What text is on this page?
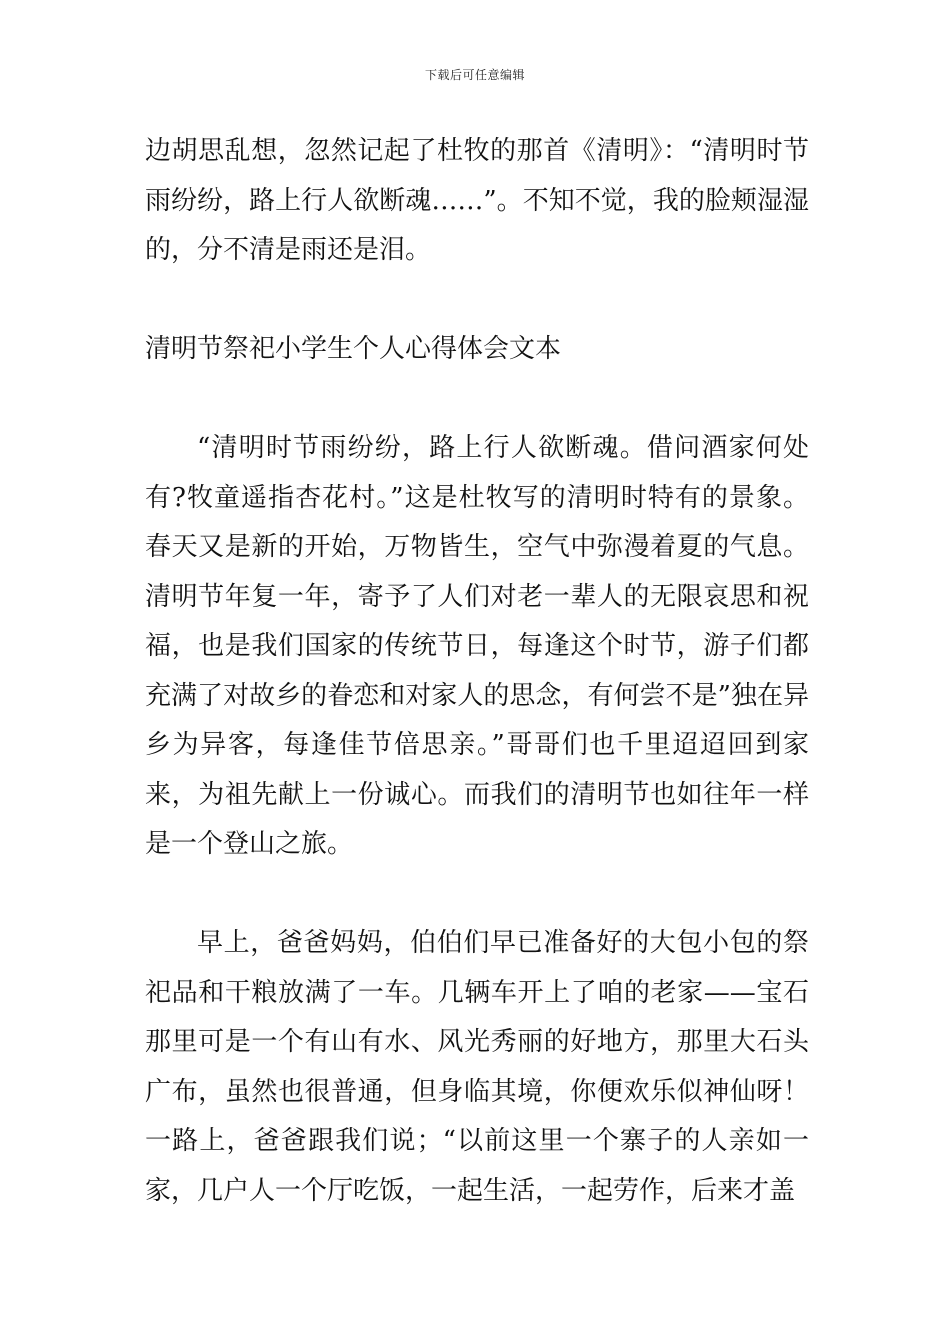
下载后可任意编辑

边胡思乱想，忽然记起了杜牧的那首《清明》：“清明时节雨纷纷，路上行人欲断魂……”。不知不觉，我的脸颊湿湿的，分不清是雨还是泪。

清明节祭祀小学生个人心得体会文本

“清明时节雨纷纷，路上行人欲断魂。借问酒家何处有?牧童遥指杏花村。”这是杜牧写的清明时特有的景象。春天又是新的开始，万物皆生，空气中弥漫着夏的气息。清明节年复一年，寄予了人们对老一辈人的无限哀思和祝福，也是我们国家的传统节日，每逢这个时节，游子们都充满了对故乡的眷恋和对家人的思念，有何尝不是”独在异乡为异客，每逢佳节倍思亲。”哥哥们也千里迢迢回到家来，为祖先献上一份诚心。而我们的清明节也如往年一样是一个登山之旅。

早上，爸爸妈妈，伯伯们早已准备好的大包小包的祭祀品和干粮放满了一车。几辆车开上了咱的老家——宝石那里可是一个有山有水、风光秀丽的好地方，那里大石头广布，虽然也很普通，但身临其境，你便欢乐似神仙呀！一路上，爸爸跟我们说；“以前这里一个寨子的人亲如一家，几户人一个厅吃饭，一起生活，一起劳作，后来才盖
